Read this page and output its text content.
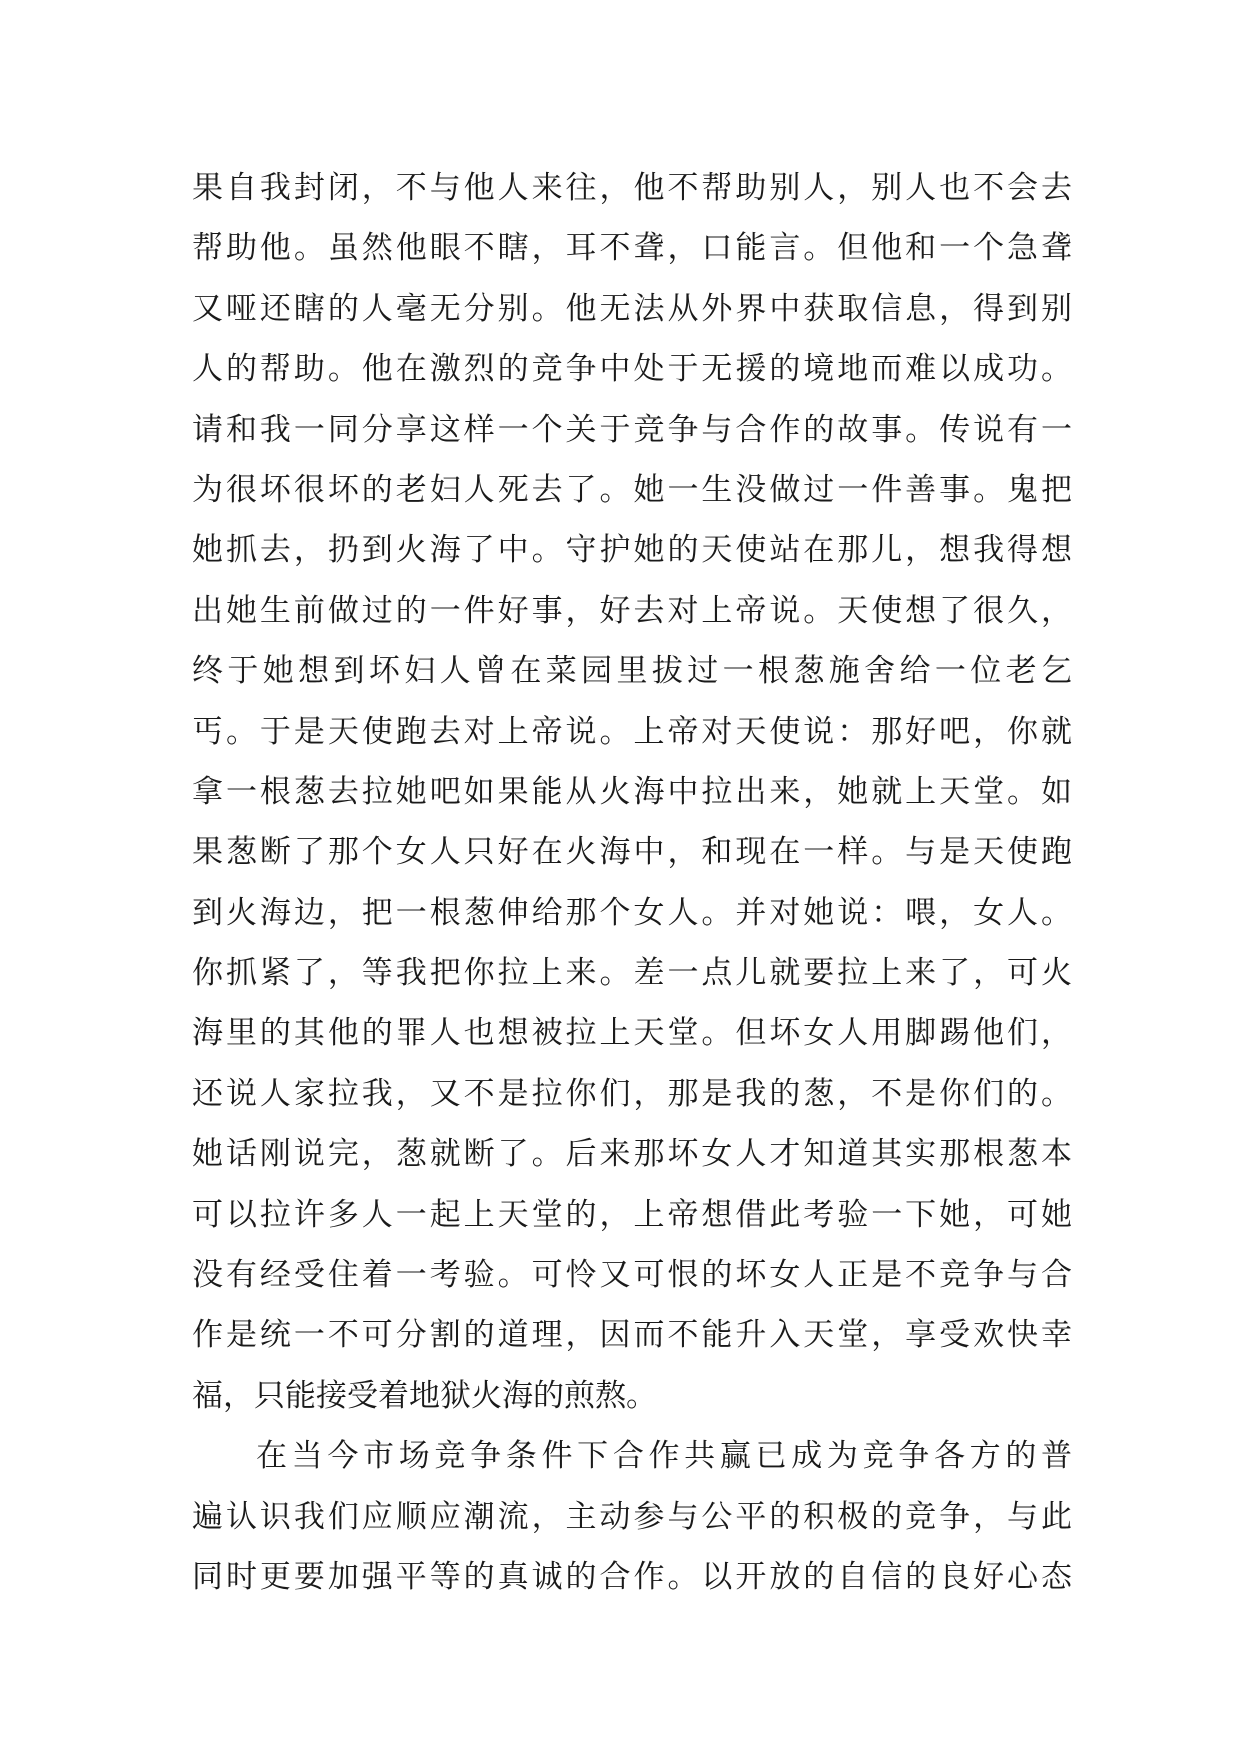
果自我封闭，不与他人来往，他不帮助别人，别人也不会去
帮助他。虽然他眼不瞎，耳不聋，口能言。但他和一个急聋
又哑还瞎的人毫无分别。他无法从外界中获取信息，得到别
人的帮助。他在激烈的竞争中处于无援的境地而难以成功。
请和我一同分享这样一个关于竞争与合作的故事。传说有一
为很坏很坏的老妇人死去了。她一生没做过一件善事。鬼把
她抓去，扔到火海了中。守护她的天使站在那儿，想我得想
出她生前做过的一件好事，好去对上帝说。天使想了很久，
终于她想到坏妇人曾在菜园里拔过一根葱施舍给一位老乞
丐。于是天使跑去对上帝说。上帝对天使说：那好吧，你就
拿一根葱去拉她吧如果能从火海中拉出来，她就上天堂。如
果葱断了那个女人只好在火海中，和现在一样。与是天使跑
到火海边，把一根葱伸给那个女人。并对她说：喂，女人。
你抓紧了，等我把你拉上来。差一点儿就要拉上来了，可火
海里的其他的罪人也想被拉上天堂。但坏女人用脚踢他们，
还说人家拉我，又不是拉你们，那是我的葱，不是你们的。
她话刚说完，葱就断了。后来那坏女人才知道其实那根葱本
可以拉许多人一起上天堂的，上帝想借此考验一下她，可她
没有经受住着一考验。可怜又可恨的坏女人正是不竞争与合
作是统一不可分割的道理，因而不能升入天堂，享受欢快幸
福，只能接受着地狱火海的煎熬。
在当今市场竞争条件下合作共赢已成为竞争各方的普
遍认识我们应顺应潮流，主动参与公平的积极的竞争，与此
同时更要加强平等的真诚的合作。以开放的自信的良好心态
